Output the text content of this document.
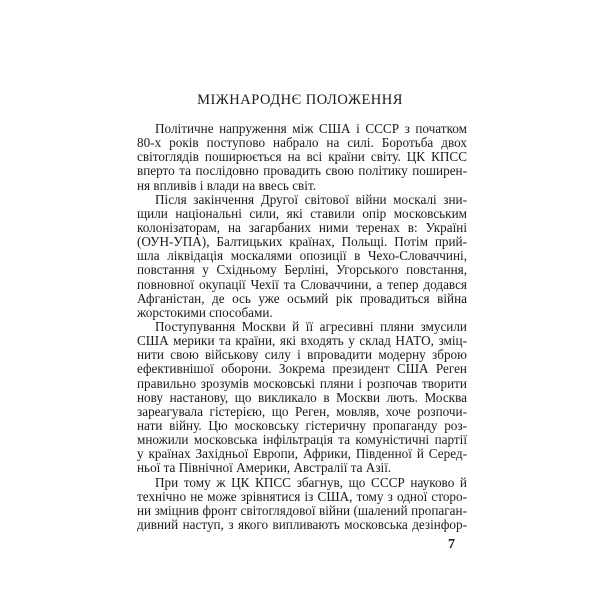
МІЖНАРОДНЄ ПОЛОЖЕННЯ
Політичне напруження між США і СССР з початком
80-х років поступово набрало на силі. Боротьба двох
світоглядів поширюється на всі країни світу. ЦК КПСС
вперто та послідовно провадить свою політику поширен-
ня впливів і влади на ввесь світ.
Після закінчення Другої світової війни москалі зни-
щили національні сили, які ставили опір московським
колонізаторам, на загарбаних ними теренах в: Україні
(ОУН-УПА), Балтицьких країнах, Польщі. Потім прий-
шла ліквідація москалями опозиції в Чехо-Словаччині,
повстання у Східньому Берліні, Угорського повстання,
повновної окупації Чехії та Словаччини, а тепер додався
Афганістан, де ось уже осьмий рік провадиться війна
жорстокими способами.
Поступування Москви й її агресивні пляни змусили
США мерики та країни, які входять у склад НАТО, зміц-
нити свою військову силу і впровадити модерну зброю
ефективнішої оборони. Зокрема президент США Реген
правильно зрозумів московські пляни і розпочав творити
нову настанову, що викликало в Москви лють. Москва
зареагувала гістерією, що Реген, мовляв, хоче розпочи-
нати війну. Цю московську гістеричну пропаганду роз-
множили московська інфільтрація та комуністичні партії
у країнах Західньої Европи, Африки, Південної й Серед-
ньої та Північної Америки, Австралії та Азії.
При тому ж ЦК КПСС збагнув, що СССР науково й
технічно не може зрівнятися із США, тому з одної сторо-
ни зміцнив фронт світоглядової війни (шалений пропаган-
дивний наступ, з якого випливають московська дезінфор-
7
